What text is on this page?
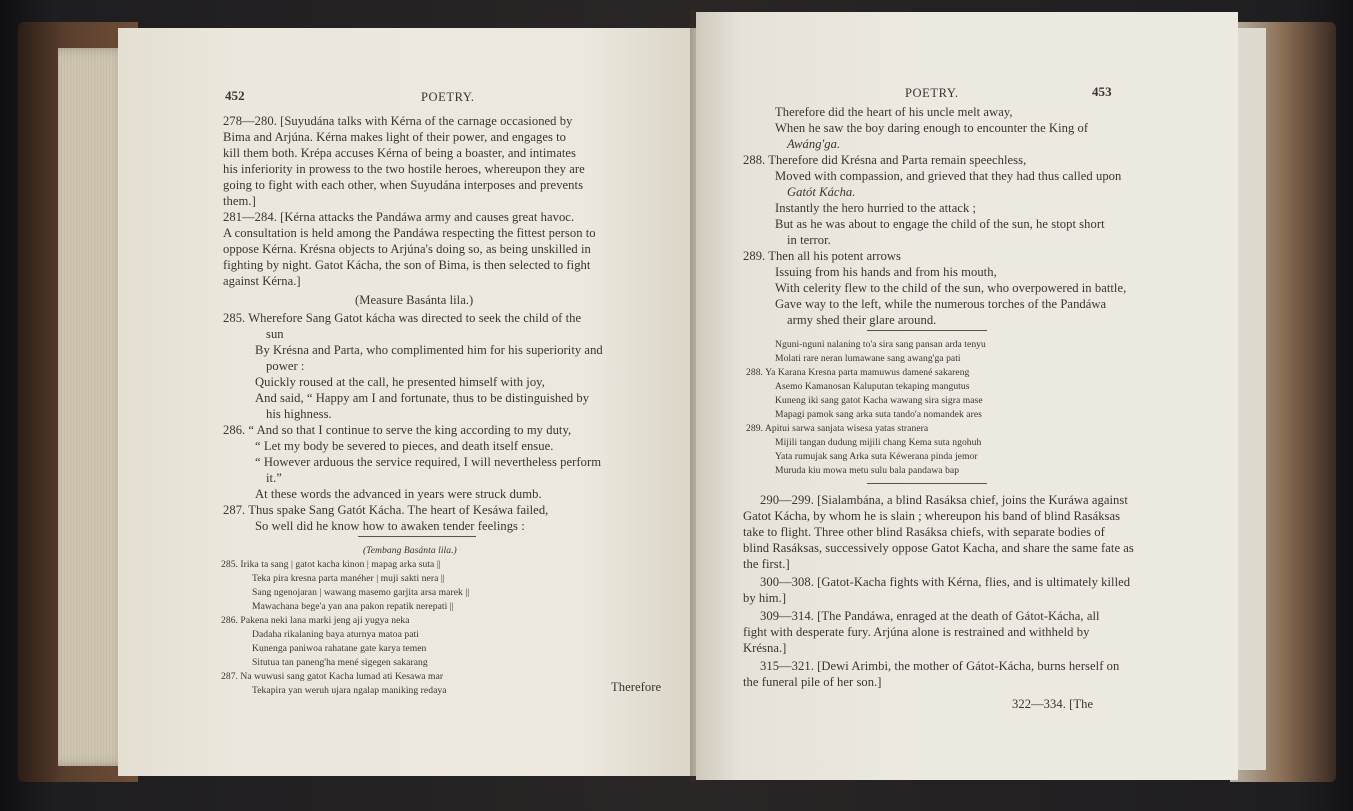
452	POETRY.
278—280. [Suyudána talks with Kérna of the carnage occasioned by
Bima and Arjúna. Kérna makes light of their power, and engages to
kill them both. Krépa accuses Kérna of being a boaster, and intimates
his inferiority in prowess to the two hostile heroes, whereupon they are
going to fight with each other, when Suyudána interposes and prevents
them.]
281—284. [Kérna attacks the Pandáwa army and causes great havoc.
A consultation is held among the Pandáwa respecting the fittest person to
oppose Kérna. Krésna objects to Arjúna's doing so, as being unskilled in
fighting by night. Gatot Kácha, the son of Bima, is then selected to fight
against Kérna.]
(Measure Basánta lila.)
285. Wherefore Sang Gatot kácha was directed to seek the child of the
sun
By Krésna and Parta, who complimented him for his superiority and
power :
Quickly roused at the call, he presented himself with joy,
And said, “ Happy am I and fortunate, thus to be distinguished by
his highness.
286. “ And so that I continue to serve the king according to my duty,
“ Let my body be severed to pieces, and death itself ensue.
“ However arduous the service required, I will nevertheless perform
it.”
At these words the advanced in years were struck dumb.
287. Thus spake Sang Gatót Kácha. The heart of Kesáwa failed,
So well did he know how to awaken tender feelings :
(Tembang Basánta lila.)
285. Irika ta sang | gatot kacha kinon | mapag arka suta ||
Teka pira kresna parta manéher | muji sakti nera ||
Sang ngenojaran | wawang masemo garjita arsa marek ||
Mawachana bege'a yan ana pakon repatik nerepati ||
286. Pakena neki lana marki jeng aji yugya neka
Dadaha rikalaning baya aturnya matoa pati
Kunenga paniwoa rahatane gate karya temen
Situtua tan paneng'ha mené sigegen sakarang
287. Na wuwusi sang gatot Kacha lumad ati Kesawa mar
Tekapira yan weruh ujara ngalap maniking redaya	Therefore
POETRY.	453
Therefore did the heart of his uncle melt away,
When he saw the boy daring enough to encounter the King of
Awáng'ga.
288. Therefore did Krésna and Parta remain speechless,
Moved with compassion, and grieved that they had thus called upon
Gatót Kácha.
Instantly the hero hurried to the attack ;
But as he was about to engage the child of the sun, he stopt short
in terror.
289. Then all his potent arrows
Issuing from his hands and from his mouth,
With celerity flew to the child of the sun, who overpowered in battle,
Gave way to the left, while the numerous torches of the Pandáwa
army shed their glare around.
Nguni-nguni nalaning to'a sira sang pansan arda tenyu
Molati rare neran lumawane sang awang'ga pati
288. Ya Karana Kresna parta mamuwus damené sakareng
Asemo Kamanosan Kaluputan tekaping mangutus
Kuneng iki sang gatot Kacha wawang sira sigra mase
Mapagi pamok sang arka suta tando'a nomandek ares
289. Apitui sarwa sanjata wisesa yatas stranera
Mijili tangan dudung mijili chang Kema suta ngohuh
Yata rumujak sang Arka suta Kéwerana pinda jemor
Muruda kiu mowa metu sulu bala pandawa bap
290—299. [Sialambána, a blind Rasáksa chief, joins the Kuráwa against
Gatot Kácha, by whom he is slain ; whereupon his band of blind Rasáksas
take to flight. Three other blind Rasáksa chiefs, with separate bodies of
blind Rasáksas, successively oppose Gatot Kacha, and share the same fate as
the first.]
300—308. [Gatot-Kacha fights with Kérna, flies, and is ultimately killed
by him.]
309—314. [The Pandáwa, enraged at the death of Gátot-Kácha, all
fight with desperate fury. Arjúna alone is restrained and withheld by
Krésna.]
315—321. [Dewi Arimbi, the mother of Gátot-Kácha, burns herself on
the funeral pile of her son.]
322—334. [The
